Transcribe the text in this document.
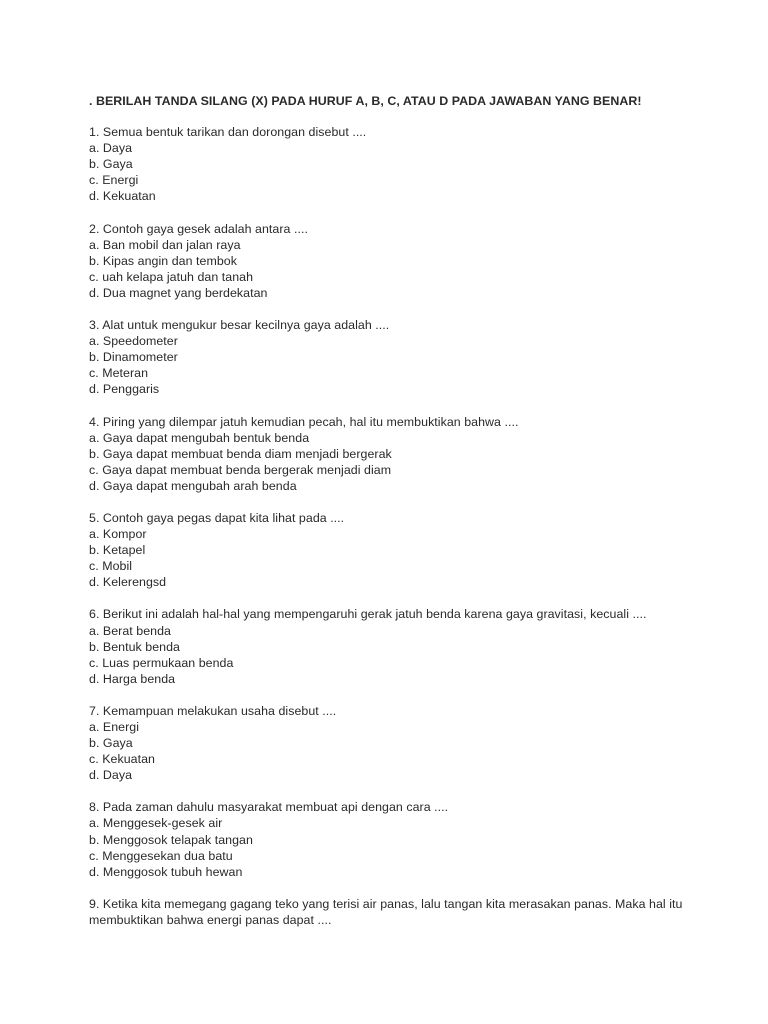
. BERILAH TANDA SILANG (X) PADA HURUF A, B, C, ATAU D PADA JAWABAN YANG BENAR!

1. Semua bentuk tarikan dan dorongan disebut ....

a. Daya
b. Gaya
c. Energi
d. Kekuatan

2. Contoh gaya gesek adalah antara ....

a. Ban mobil dan jalan raya
b. Kipas angin dan tembok
c. uah kelapa jatuh dan tanah
d. Dua magnet yang berdekatan

3. Alat untuk mengukur besar kecilnya gaya adalah ....

a. Speedometer
b. Dinamometer
c. Meteran
d. Penggaris

4. Piring yang dilempar jatuh kemudian pecah, hal itu membuktikan bahwa ....

a. Gaya dapat mengubah bentuk benda
b. Gaya dapat membuat benda diam menjadi bergerak
c. Gaya dapat membuat benda bergerak menjadi diam
d. Gaya dapat mengubah arah benda

5. Contoh gaya pegas dapat kita lihat pada ....

a. Kompor
b. Ketapel
c. Mobil
d. Kelerengsd

6. Berikut ini adalah hal-hal yang mempengaruhi gerak jatuh benda karena gaya gravitasi, kecuali ....

a. Berat benda
b. Bentuk benda
c. Luas permukaan benda
d. Harga benda

7. Kemampuan melakukan usaha disebut ....

a. Energi
b. Gaya
c. Kekuatan
d. Daya

8. Pada zaman dahulu masyarakat membuat api dengan cara ....

a. Menggesek-gesek air
b. Menggosok telapak tangan
c. Menggesekan dua batu
d. Menggosok tubuh hewan

9. Ketika kita memegang gagang teko yang terisi air panas, lalu tangan kita merasakan panas. Maka hal itu membuktikan bahwa energi panas dapat ....
